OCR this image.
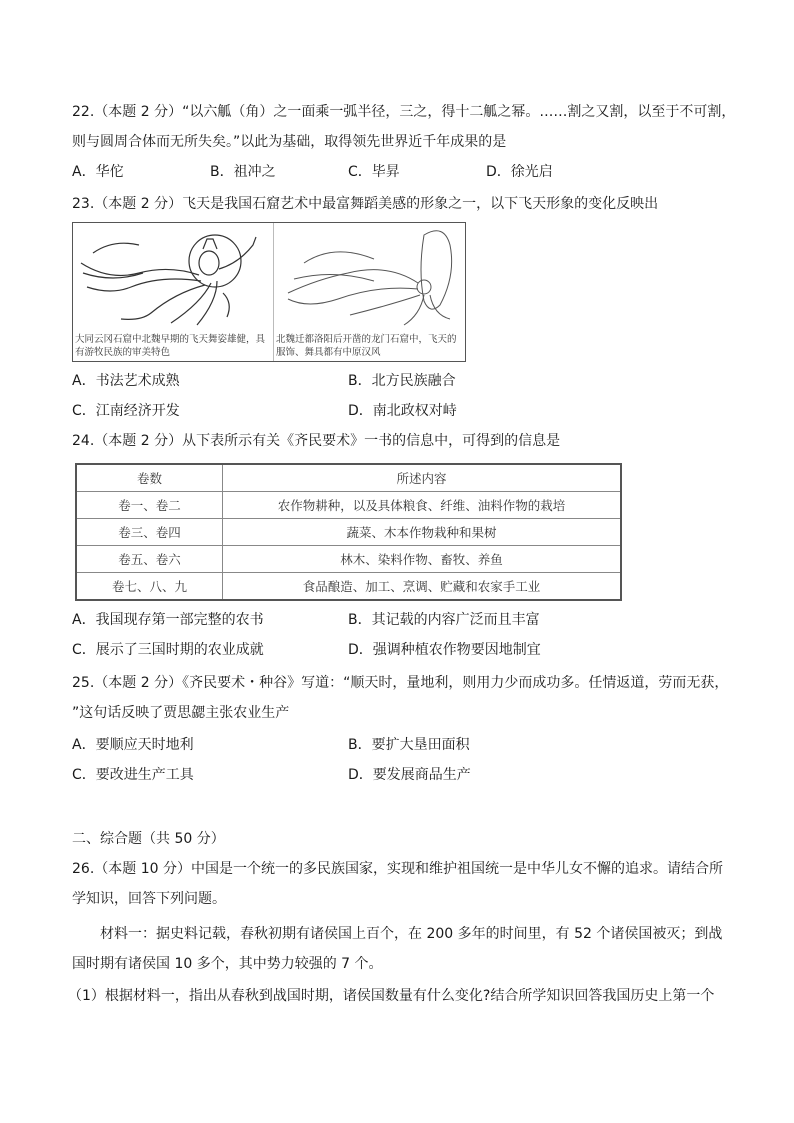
22.（本题 2 分）“以六觚（角）之一面乘一弧半径，三之，得十二觚之幂。……割之又割，以至于不可割，
则与圆周合体而无所失矣。”以此为基础，取得领先世界近千年成果的是
A．华佗	B．祖冲之	C．毕昇	D．徐光启
23.（本题 2 分）飞天是我国石窟艺术中最富舞蹈美感的形象之一，以下飞天形象的变化反映出
大同云冈石窟中北魏早期的飞天舞姿雄健，具有游牧民族的审美特色
北魏迁都洛阳后开凿的龙门石窟中，飞天的服饰、舞具都有中原汉风
A．书法艺术成熟	B．北方民族融合
C．江南经济开发	D．南北政权对峙
24.（本题 2 分）从下表所示有关《齐民要术》一书的信息中，可得到的信息是
卷数	所述内容
卷一、卷二	农作物耕种，以及具体粮食、纤维、油料作物的栽培
卷三、卷四	蔬菜、木本作物栽种和果树
卷五、卷六	林木、染料作物、畜牧、养鱼
卷七、八、九	食品酿造、加工、烹调、贮藏和农家手工业
A．我国现存第一部完整的农书	B．其记载的内容广泛而且丰富
C．展示了三国时期的农业成就	D．强调种植农作物要因地制宜
25.（本题 2 分）《齐民要术・种谷》写道：“顺天时，量地利，则用力少而成功多。任情返道，劳而无获，
”这句话反映了贾思勰主张农业生产
A．要顺应天时地利	B．要扩大垦田面积
C．要改进生产工具	D．要发展商品生产
二、综合题（共 50 分）
26.（本题 10 分）中国是一个统一的多民族国家，实现和维护祖国统一是中华儿女不懈的追求。请结合所
学知识，回答下列问题。
材料一：据史料记载，春秋初期有诸侯国上百个，在 200 多年的时间里，有 52 个诸侯国被灭；到战
国时期有诸侯国 10 多个，其中势力较强的 7 个。
（1）根据材料一，指出从春秋到战国时期，诸侯国数量有什么变化?结合所学知识回答我国历史上第一个
